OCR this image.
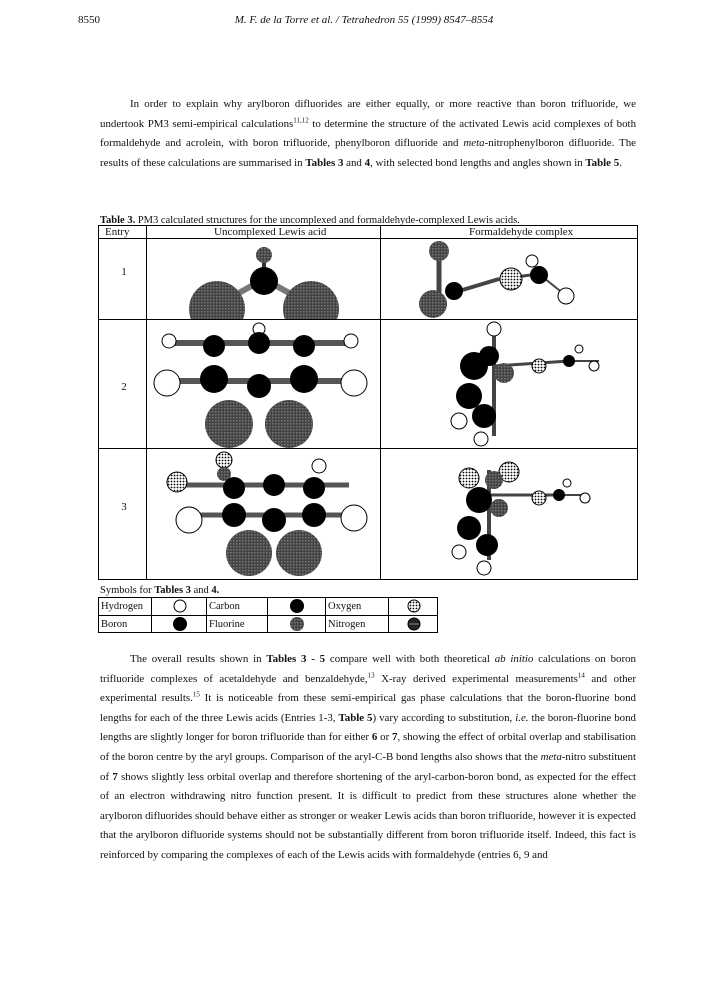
8550	M. F. de la Torre et al. / Tetrahedron 55 (1999) 8547–8554

In order to explain why arylboron difluorides are either equally, or more reactive than boron trifluoride, we undertook PM3 semi-empirical calculations$^{11,12}$ to determine the structure of the activated Lewis acid complexes of both formaldehyde and acrolein, with boron trifluoride, phenylboron difluoride and meta-nitrophenylboron difluoride. The results of these calculations are summarised in Tables 3 and 4, with selected bond lengths and angles shown in Table 5.

Table 3. PM3 calculated structures for the uncomplexed and formaldehyde-complexed Lewis acids.
Entry	Uncomplexed Lewis acid	Formaldehyde complex
1
2
3
Symbols for Tables 3 and 4.
Hydrogen	Carbon	Oxygen
Boron	Fluorine	Nitrogen

The overall results shown in Tables 3 - 5 compare well with both theoretical ab initio calculations on boron trifluoride complexes of acetaldehyde and benzaldehyde,$^{13}$ X-ray derived experimental measurements$^{14}$ and other experimental results.$^{15}$ It is noticeable from these semi-empirical gas phase calculations that the boron-fluorine bond lengths for each of the three Lewis acids (Entries 1-3, Table 5) vary according to substitution, i.e. the boron-fluorine bond lengths are slightly longer for boron trifluoride than for either 6 or 7, showing the effect of orbital overlap and stabilisation of the boron centre by the aryl groups. Comparison of the aryl-C-B bond lengths also shows that the meta-nitro substituent of 7 shows slightly less orbital overlap and therefore shortening of the aryl-carbon-boron bond, as expected for the effect of an electron withdrawing nitro function present. It is difficult to predict from these structures alone whether the arylboron difluorides should behave either as stronger or weaker Lewis acids than boron trifluoride, however it is expected that the arylboron difluoride systems should not be substantially different from boron trifluoride itself. Indeed, this fact is reinforced by comparing the complexes of each of the Lewis acids with formaldehyde (entries 6, 9 and
